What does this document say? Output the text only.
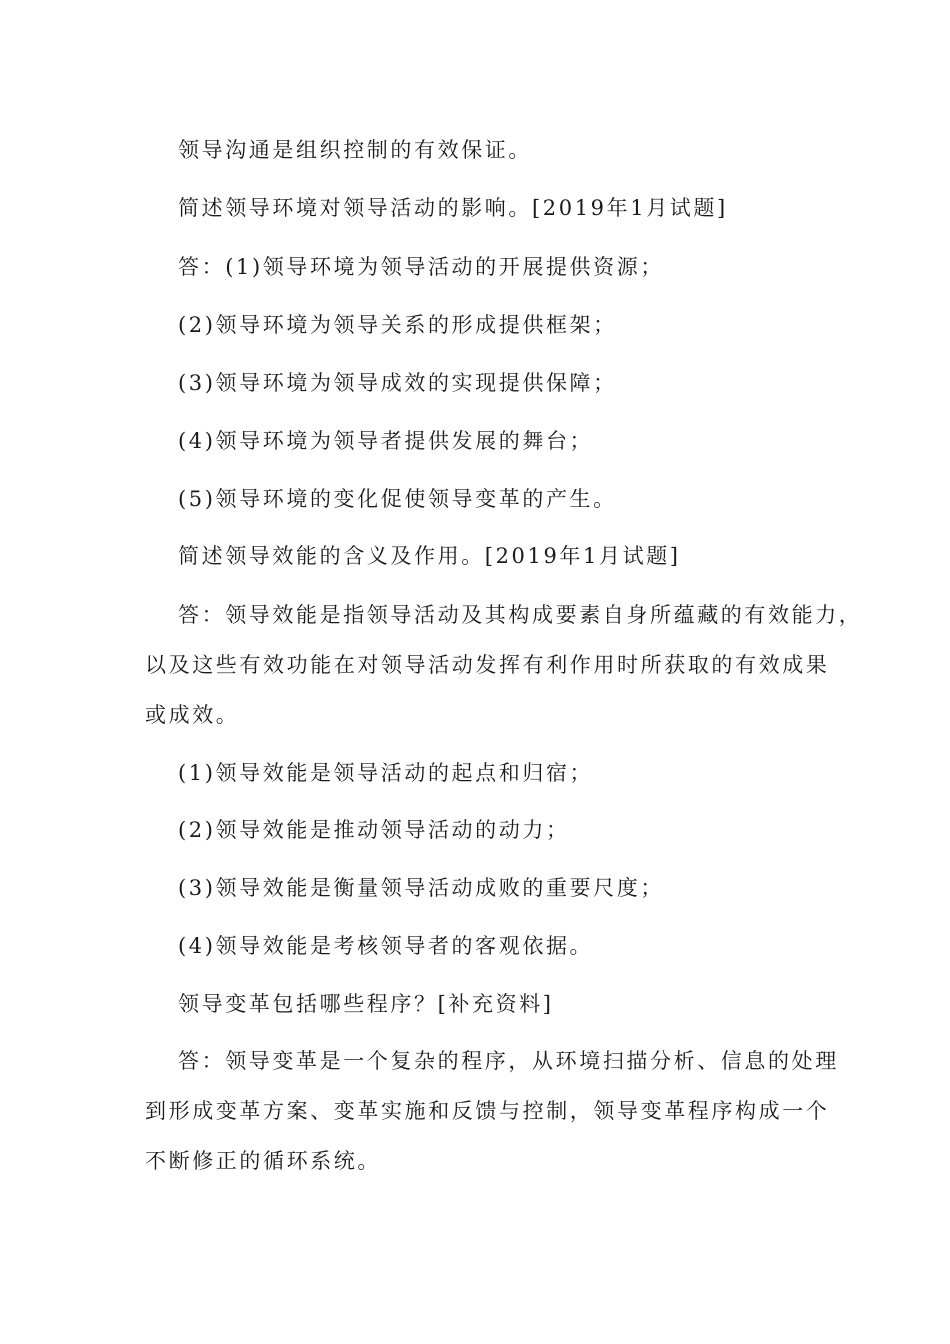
领导沟通是组织控制的有效保证。
简述领导环境对领导活动的影响。[2019年1月试题]
答：(1)领导环境为领导活动的开展提供资源；
(2)领导环境为领导关系的形成提供框架；
(3)领导环境为领导成效的实现提供保障；
(4)领导环境为领导者提供发展的舞台；
(5)领导环境的变化促使领导变革的产生。
简述领导效能的含义及作用。[2019年1月试题]
答：领导效能是指领导活动及其构成要素自身所蕴藏的有效能力，
以及这些有效功能在对领导活动发挥有利作用时所获取的有效成果
或成效。
(1)领导效能是领导活动的起点和归宿；
(2)领导效能是推动领导活动的动力；
(3)领导效能是衡量领导活动成败的重要尺度；
(4)领导效能是考核领导者的客观依据。
领导变革包括哪些程序？[补充资料]
答：领导变革是一个复杂的程序，从环境扫描分析、信息的处理
到形成变革方案、变革实施和反馈与控制，领导变革程序构成一个
不断修正的循环系统。
